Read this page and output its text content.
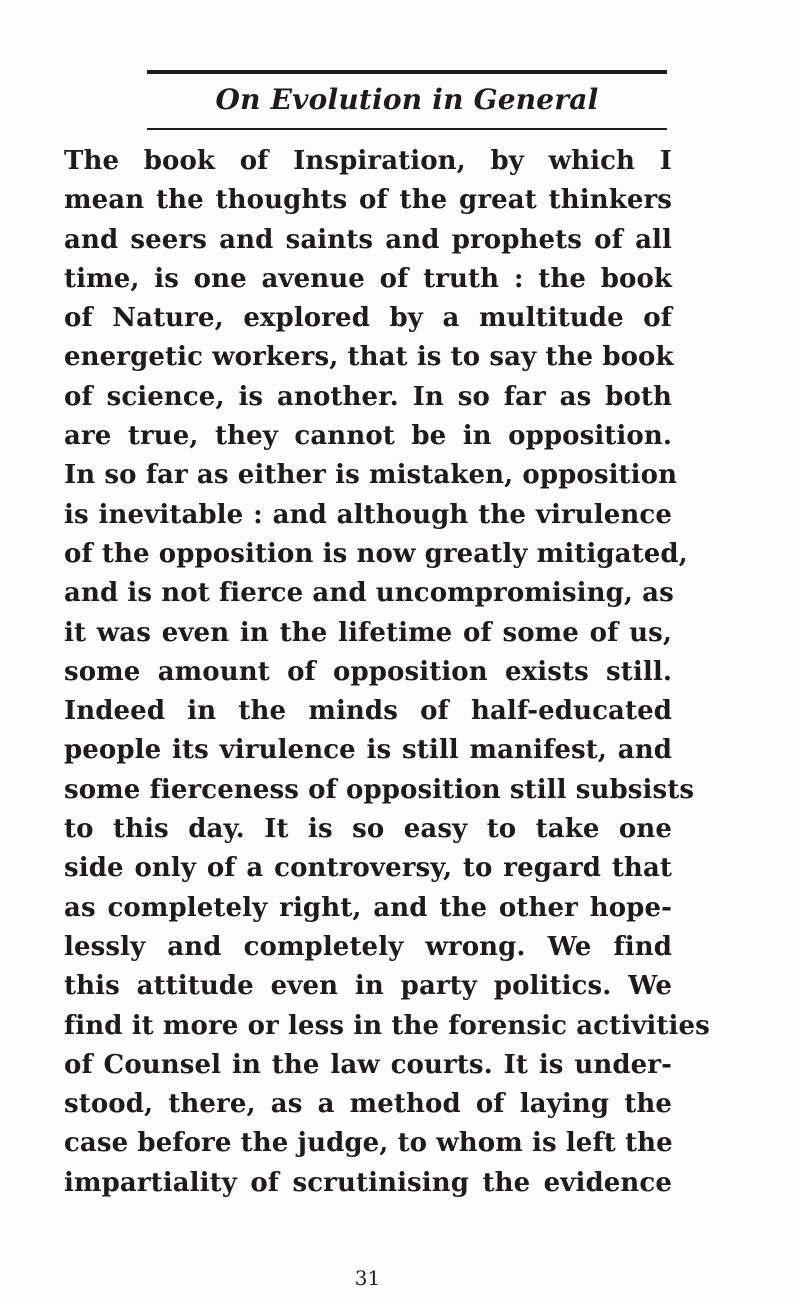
On Evolution in General
The book of Inspiration, by which I
mean the thoughts of the great thinkers
and seers and saints and prophets of all
time, is one avenue of truth : the book
of Nature, explored by a multitude of
energetic workers, that is to say the book
of science, is another. In so far as both
are true, they cannot be in opposition.
In so far as either is mistaken, opposition
is inevitable : and although the virulence
of the opposition is now greatly mitigated,
and is not fierce and uncompromising, as
it was even in the lifetime of some of us,
some amount of opposition exists still.
Indeed in the minds of half-educated
people its virulence is still manifest, and
some fierceness of opposition still subsists
to this day. It is so easy to take one
side only of a controversy, to regard that
as completely right, and the other hope-
lessly and completely wrong. We find
this attitude even in party politics. We
find it more or less in the forensic activities
of Counsel in the law courts. It is under-
stood, there, as a method of laying the
case before the judge, to whom is left the
impartiality of scrutinising the evidence
31
